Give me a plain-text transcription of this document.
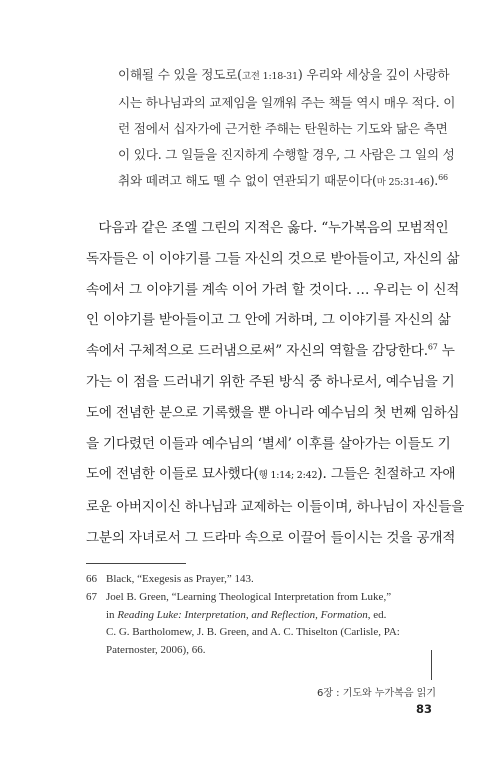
이해될 수 있을 정도로(고전 1:18-31) 우리와 세상을 깊이 사랑하
시는 하나님과의 교제임을 일깨워 주는 책들 역시 매우 적다. 이
런 점에서 십자가에 근거한 주해는 탄원하는 기도와 닮은 측면
이 있다. 그 일들을 진지하게 수행할 경우, 그 사람은 그 일의 성
취와 떼려고 해도 뗄 수 없이 연관되기 때문이다(마 25:31-46).$^{66}$
다음과 같은 조엘 그린의 지적은 옳다. “누가복음의 모범적인
독자들은 이 이야기를 그들 자신의 것으로 받아들이고, 자신의 삶
속에서 그 이야기를 계속 이어 가려 할 것이다. … 우리는 이 신적
인 이야기를 받아들이고 그 안에 거하며, 그 이야기를 자신의 삶
속에서 구체적으로 드러냄으로써” 자신의 역할을 감당한다.$^{67}$ 누
가는 이 점을 드러내기 위한 주된 방식 중 하나로서, 예수님을 기
도에 전념한 분으로 기록했을 뿐 아니라 예수님의 첫 번째 임하심
을 기다렸던 이들과 예수님의 ‘별세’ 이후를 살아가는 이들도 기
도에 전념한 이들로 묘사했다(행 1:14; 2:42). 그들은 친절하고 자애
로운 아버지이신 하나님과 교제하는 이들이며, 하나님이 자신들을
그분의 자녀로서 그 드라마 속으로 이끌어 들이시는 것을 공개적
66 Black, “Exegesis as Prayer,” 143.
67 Joel B. Green, “Learning Theological Interpretation from Luke,”
in Reading Luke: Interpretation, and Reflection, Formation, ed.
C. G. Bartholomew, J. B. Green, and A. C. Thiselton (Carlisle, PA:
Paternoster, 2006), 66.
6장 : 기도와 누가복음 읽기
83
